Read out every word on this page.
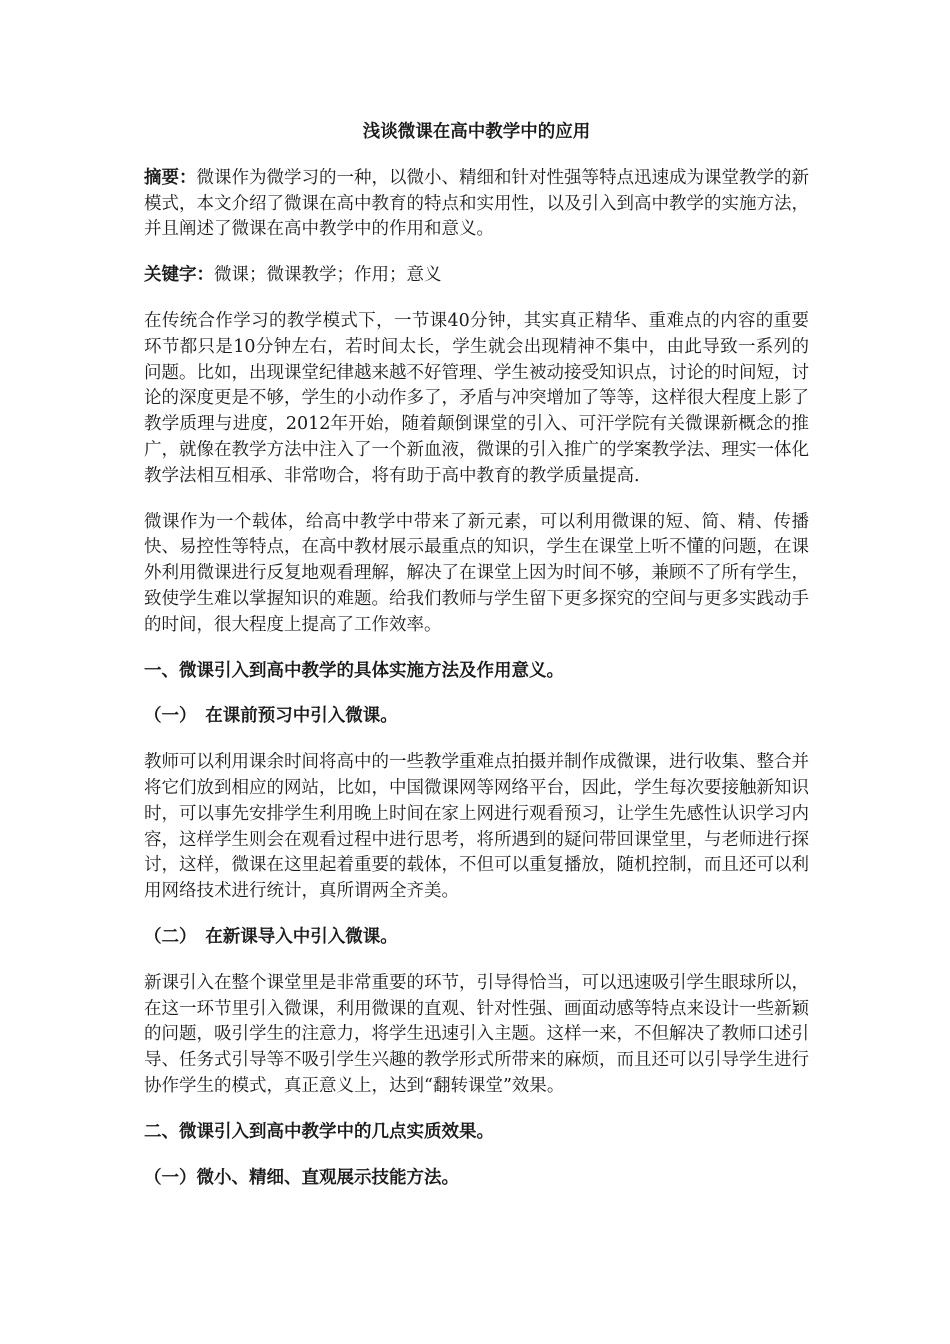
浅谈微课在高中教学中的应用

摘要：微课作为微学习的一种，以微小、精细和针对性强等特点迅速成为课堂教学的新模式，本文介绍了微课在高中教育的特点和实用性，以及引入到高中教学的实施方法，并且阐述了微课在高中教学中的作用和意义。

关键字：微课；微课教学；作用；意义

在传统合作学习的教学模式下，一节课40分钟，其实真正精华、重难点的内容的重要环节都只是10分钟左右，若时间太长，学生就会出现精神不集中，由此导致一系列的问题。比如，出现课堂纪律越来越不好管理、学生被动接受知识点，讨论的时间短，讨论的深度更是不够，学生的小动作多了，矛盾与冲突增加了等等，这样很大程度上影了教学质理与进度，2012年开始，随着颠倒课堂的引入、可汗学院有关微课新概念的推广，就像在教学方法中注入了一个新血液，微课的引入推广的学案教学法、理实一体化教学法相互相承、非常吻合，将有助于高中教育的教学质量提高.

微课作为一个载体，给高中教学中带来了新元素，可以利用微课的短、简、精、传播快、易控性等特点，在高中教材展示最重点的知识，学生在课堂上听不懂的问题，在课外利用微课进行反复地观看理解，解决了在课堂上因为时间不够，兼顾不了所有学生，致使学生难以掌握知识的难题。给我们教师与学生留下更多探究的空间与更多实践动手的时间，很大程度上提高了工作效率。

一、微课引入到高中教学的具体实施方法及作用意义。
（一）　在课前预习中引入微课。

教师可以利用课余时间将高中的一些教学重难点拍摄并制作成微课，进行收集、整合并将它们放到相应的网站，比如，中国微课网等网络平台，因此，学生每次要接触新知识时，可以事先安排学生利用晚上时间在家上网进行观看预习，让学生先感性认识学习内容，这样学生则会在观看过程中进行思考，将所遇到的疑问带回课堂里，与老师进行探讨，这样，微课在这里起着重要的载体，不但可以重复播放，随机控制，而且还可以利用网络技术进行统计，真所谓两全齐美。

（二）　在新课导入中引入微课。

新课引入在整个课堂里是非常重要的环节，引导得恰当，可以迅速吸引学生眼球所以，在这一环节里引入微课，利用微课的直观、针对性强、画面动感等特点来设计一些新颖的问题，吸引学生的注意力，将学生迅速引入主题。这样一来，不但解决了教师口述引导、任务式引导等不吸引学生兴趣的教学形式所带来的麻烦，而且还可以引导学生进行协作学生的模式，真正意义上，达到“翻转课堂”效果。

二、微课引入到高中教学中的几点实质效果。
（一）微小、精细、直观展示技能方法。
